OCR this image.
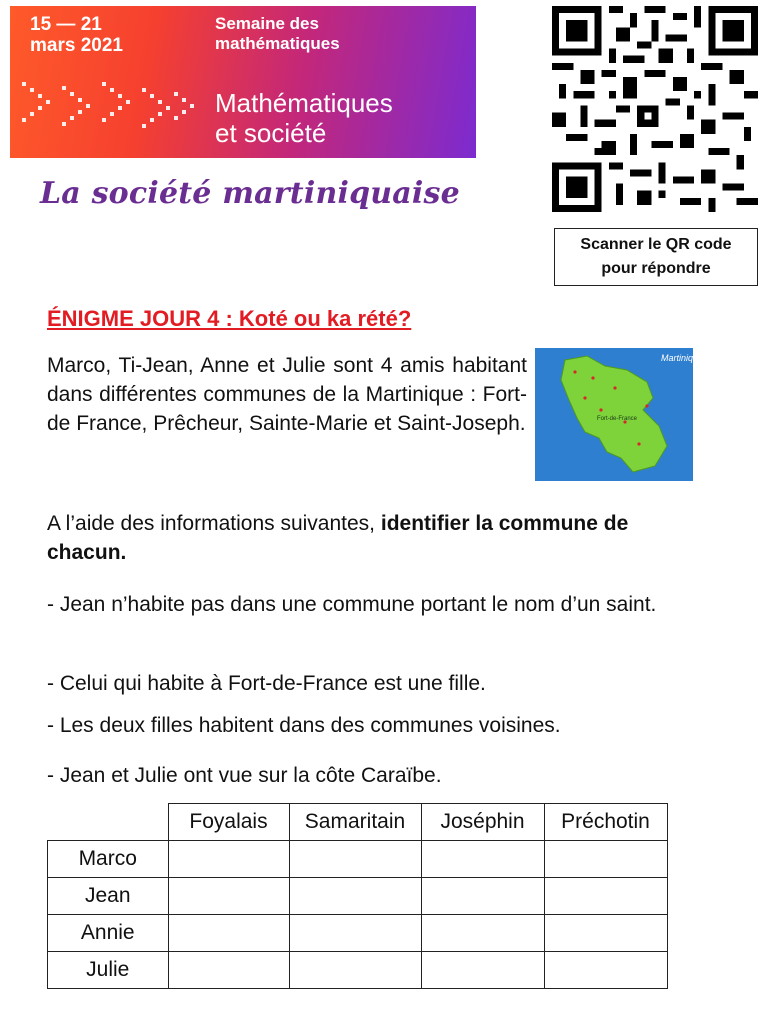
15 — 21
mars 2021
Semaine des
mathématiques
Mathématiques
et société
La société martiniquaise
Scanner le QR code
pour répondre
ÉNIGME JOUR 4 : Koté ou ka rété?
Marco, Ti-Jean, Anne et Julie sont 4 amis habitant dans différentes communes de la Martinique : Fort-de France, Prêcheur, Sainte-Marie et Saint-Joseph.
Martinique
Fort-de-France
A l’aide des informations suivantes, identifier la commune de chacun.
- Jean n’habite pas dans une commune portant le nom d’un saint.
- Celui qui habite à Fort-de-France est une fille.
- Les deux filles habitent dans des communes voisines.
- Jean et Julie ont vue sur la côte Caraïbe.
	Foyalais	Samaritain	Joséphin	Préchotin
Marco				
Jean				
Annie				
Julie				
